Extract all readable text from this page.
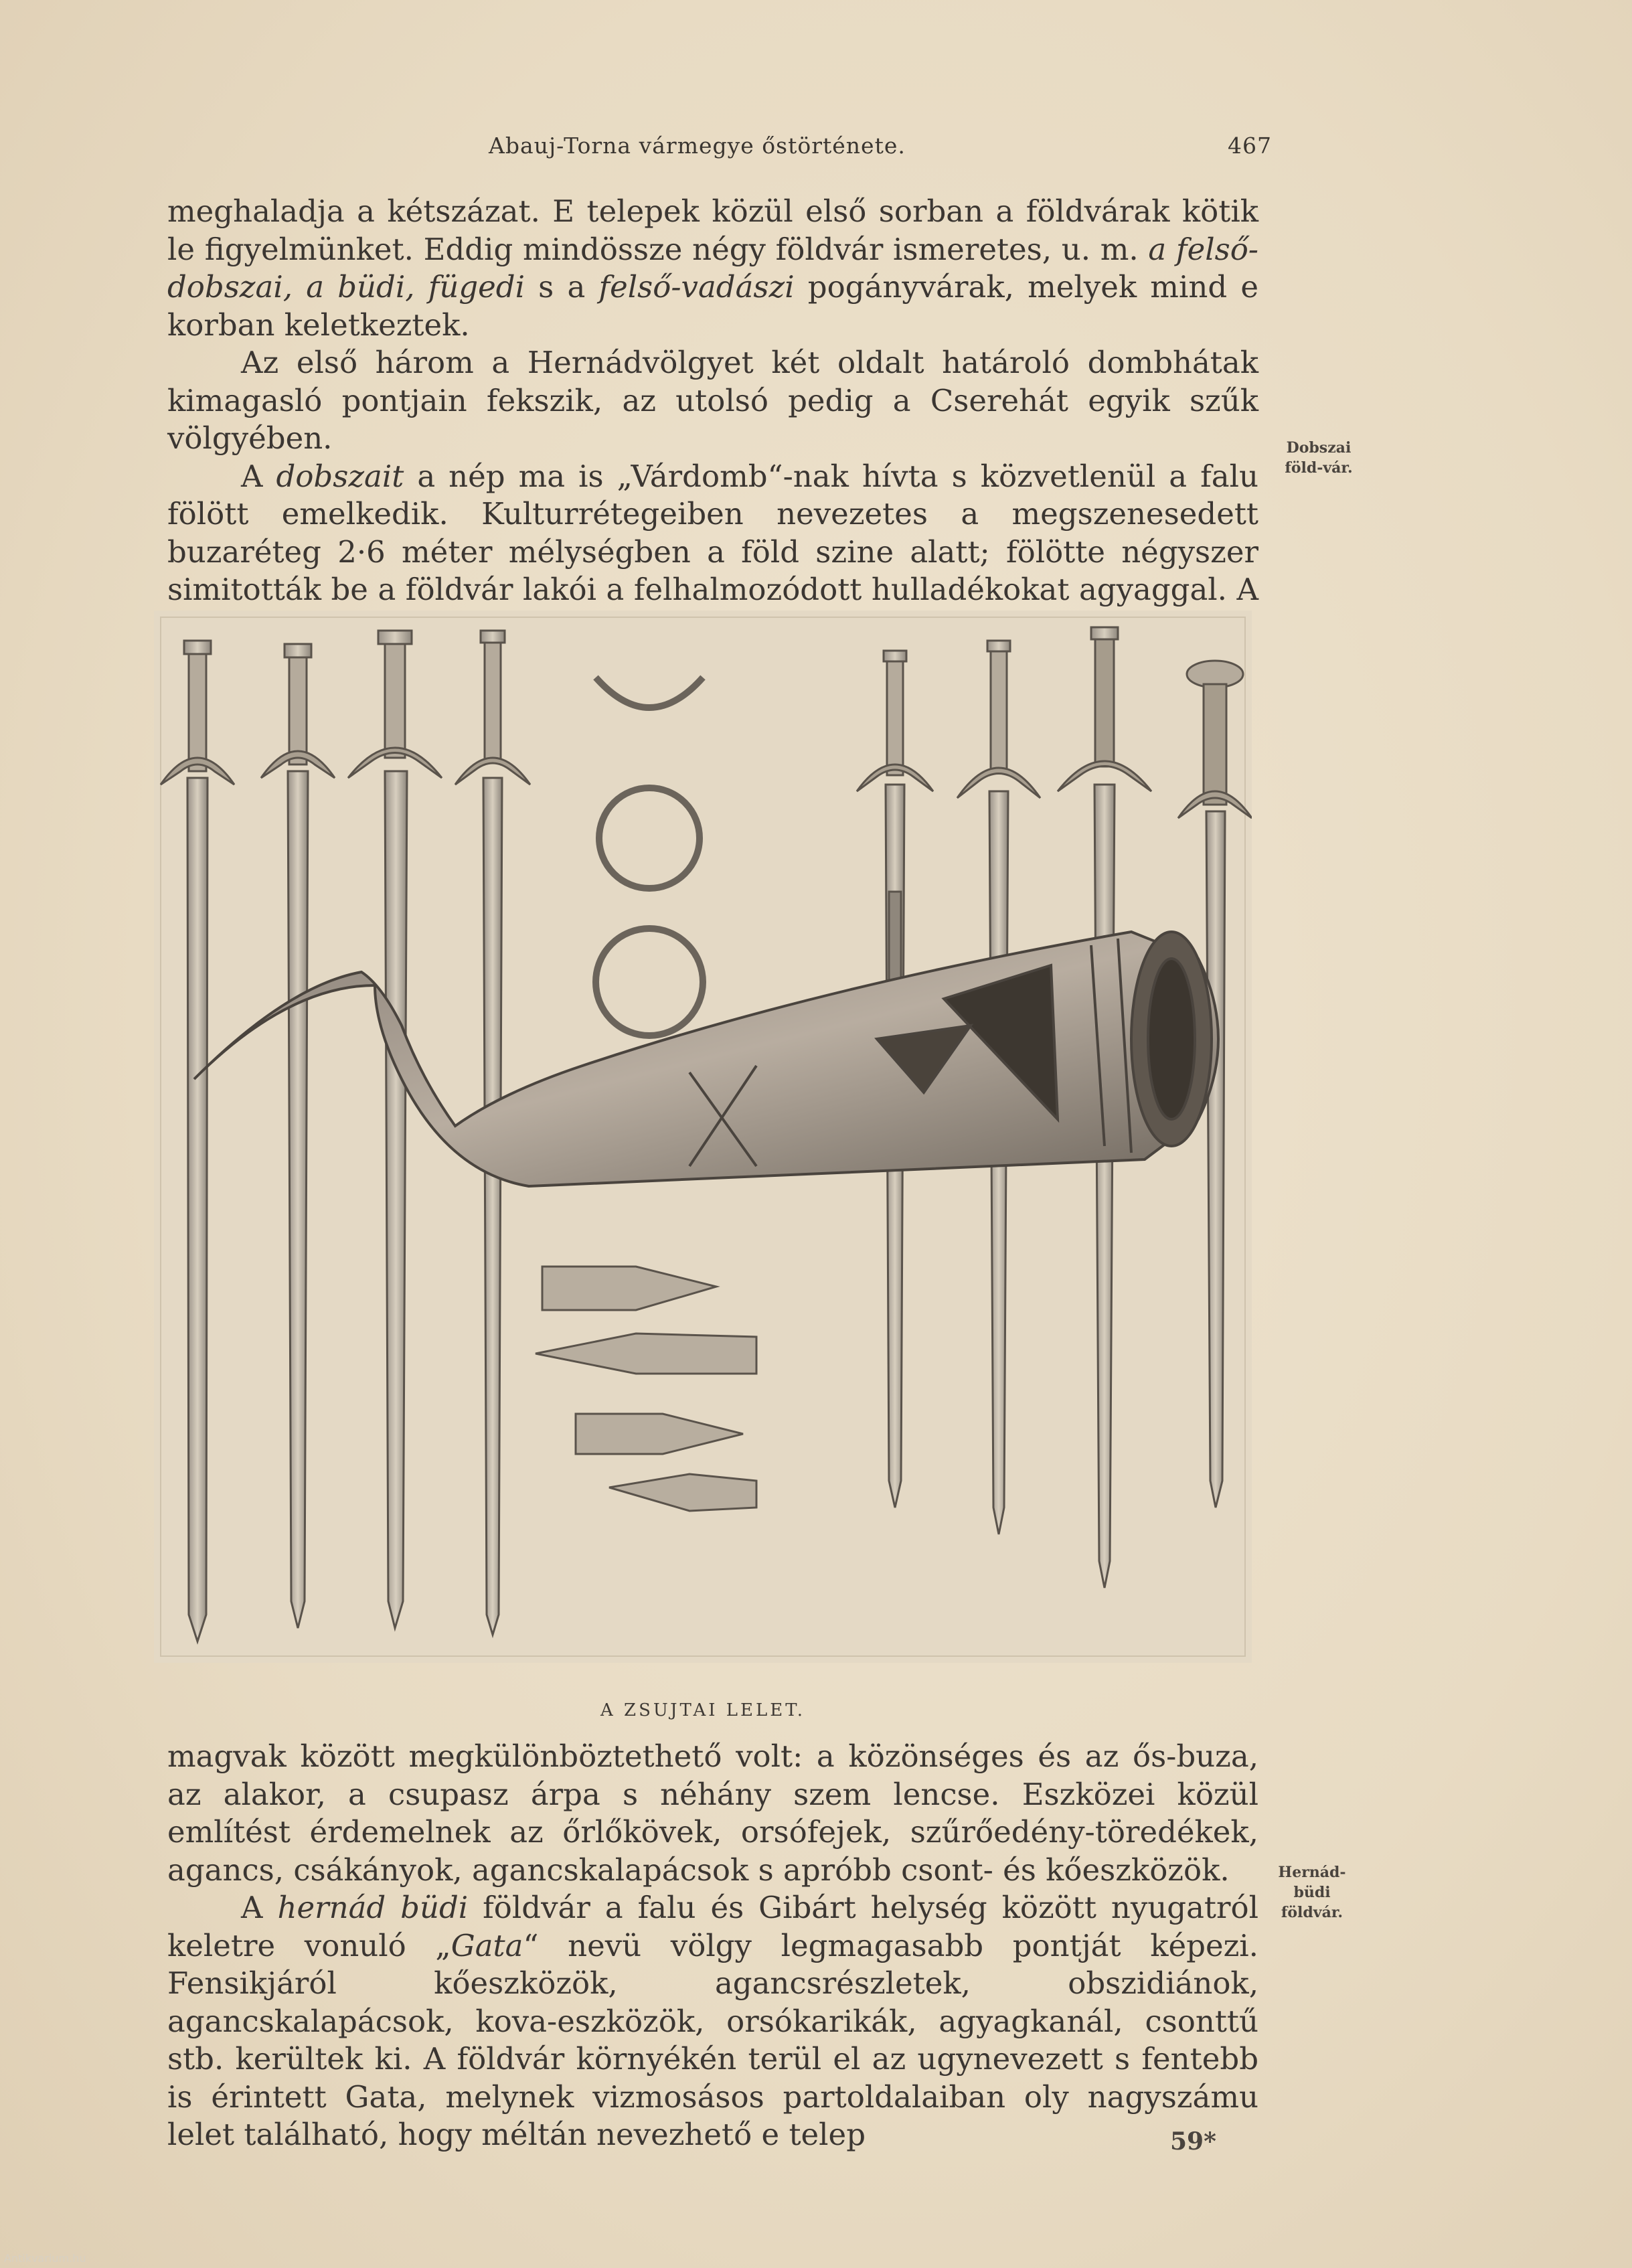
Abauj-Torna vármegye őstörténete.	467

meghaladja a kétszázat. E telepek közül első sorban a földvárak kötik le figyelmünket. Eddig mindössze négy földvár ismeretes, u. m. a felső-dobszai, a büdi, fügedi s a felső-vadászi pogányvárak, melyek mind e korban keletkeztek.

Az első három a Hernádvölgyet két oldalt határoló dombhátak kimagasló pontjain fekszik, az utolsó pedig a Cserehát egyik szűk völgyében.

A dobszait a nép ma is „Várdomb“-nak hívta s közvetlenül a falu fölött emelkedik. Kulturrétegeiben nevezetes a megszenesedett buzaréteg 2·6 méter mélységben a föld szine alatt; fölötte négyszer simitották be a földvár lakói a felhalmozódott hulladékokat agyaggal. A

Dobszai föld-vár.
A ZSUJTAI LELET.

magvak között megkülönböztethető volt: a közönséges és az ős-buza, az alakor, a csupasz árpa s néhány szem lencse. Eszközei közül említést érdemelnek az őrlőkövek, orsófejek, szűrőedény-töredékek, agancs, csákányok, agancskalapácsok s apróbb csont- és kőeszközök.

A hernád büdi földvár a falu és Gibárt helység között nyugatról keletre vonuló „Gata“ nevü völgy legmagasabb pontját képezi. Fensikjáról kőeszközök, agancsrészletek, obszidiánok, agancskalapácsok, kova-eszközök, orsókarikák, agyagkanál, csonttű stb. kerültek ki. A földvár környékén terül el az ugynevezett s fentebb is érintett Gata, melynek vizmosásos partoldalaiban oly nagyszámu lelet található, hogy méltán nevezhető e telep

Hernád-büdi földvár.
59*
Antikvarium.hu
